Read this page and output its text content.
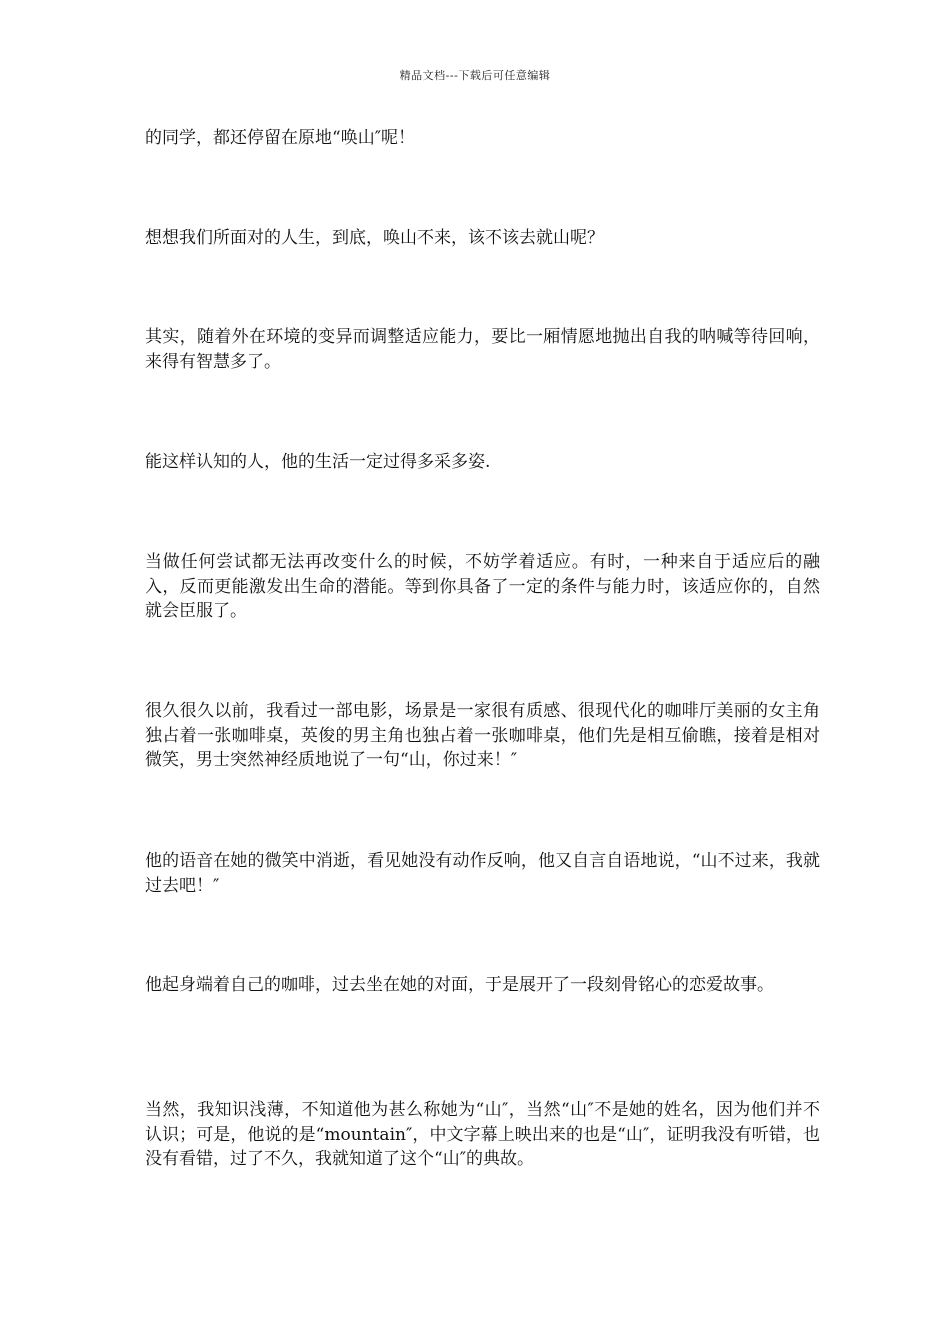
精品文档---下载后可任意编辑

的同学，都还停留在原地“唤山″呢！

想想我们所面对的人生，到底，唤山不来，该不该去就山呢？

其实，随着外在环境的变异而调整适应能力，要比一厢情愿地抛出自我的呐喊等待回响，来得有智慧多了。

能这样认知的人，他的生活一定过得多采多姿.

当做任何尝试都无法再改变什么的时候，不妨学着适应。有时，一种来自于适应后的融入，反而更能激发出生命的潜能。等到你具备了一定的条件与能力时，该适应你的，自然就会臣服了。

很久很久以前，我看过一部电影，场景是一家很有质感、很现代化的咖啡厅美丽的女主角独占着一张咖啡桌，英俊的男主角也独占着一张咖啡桌，他们先是相互偷瞧，接着是相对微笑，男士突然神经质地说了一句“山，你过来！″

他的语音在她的微笑中消逝，看见她没有动作反响，他又自言自语地说，“山不过来，我就过去吧！″

他起身端着自己的咖啡，过去坐在她的对面，于是展开了一段刻骨铭心的恋爱故事。

当然，我知识浅薄，不知道他为甚么称她为“山″，当然“山″不是她的姓名，因为他们并不认识；可是，他说的是“mountain″，中文字幕上映出来的也是“山″，证明我没有听错，也没有看错，过了不久，我就知道了这个“山″的典故。
